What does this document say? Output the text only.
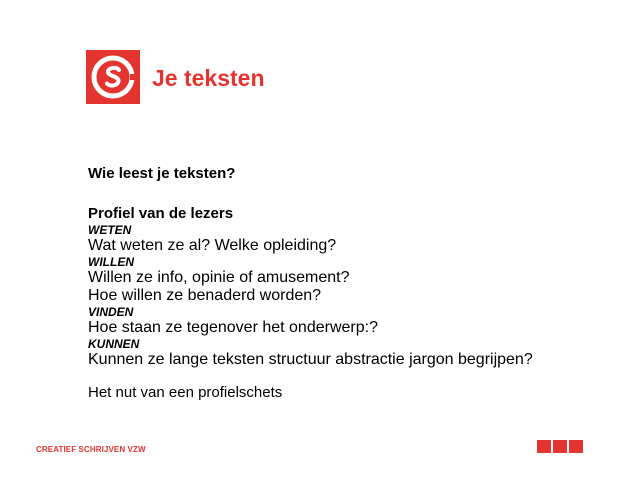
Je teksten
Wie leest je teksten?
Profiel van de lezers
WETEN
Wat weten ze al? Welke opleiding?
WILLEN
Willen ze info, opinie of amusement?
Hoe willen ze benaderd worden?
VINDEN
Hoe staan ze tegenover het onderwerp:?
KUNNEN
Kunnen ze lange teksten structuur abstractie jargon begrijpen?
Het nut van een profielschets
CREATIEF SCHRIJVEN VZW
